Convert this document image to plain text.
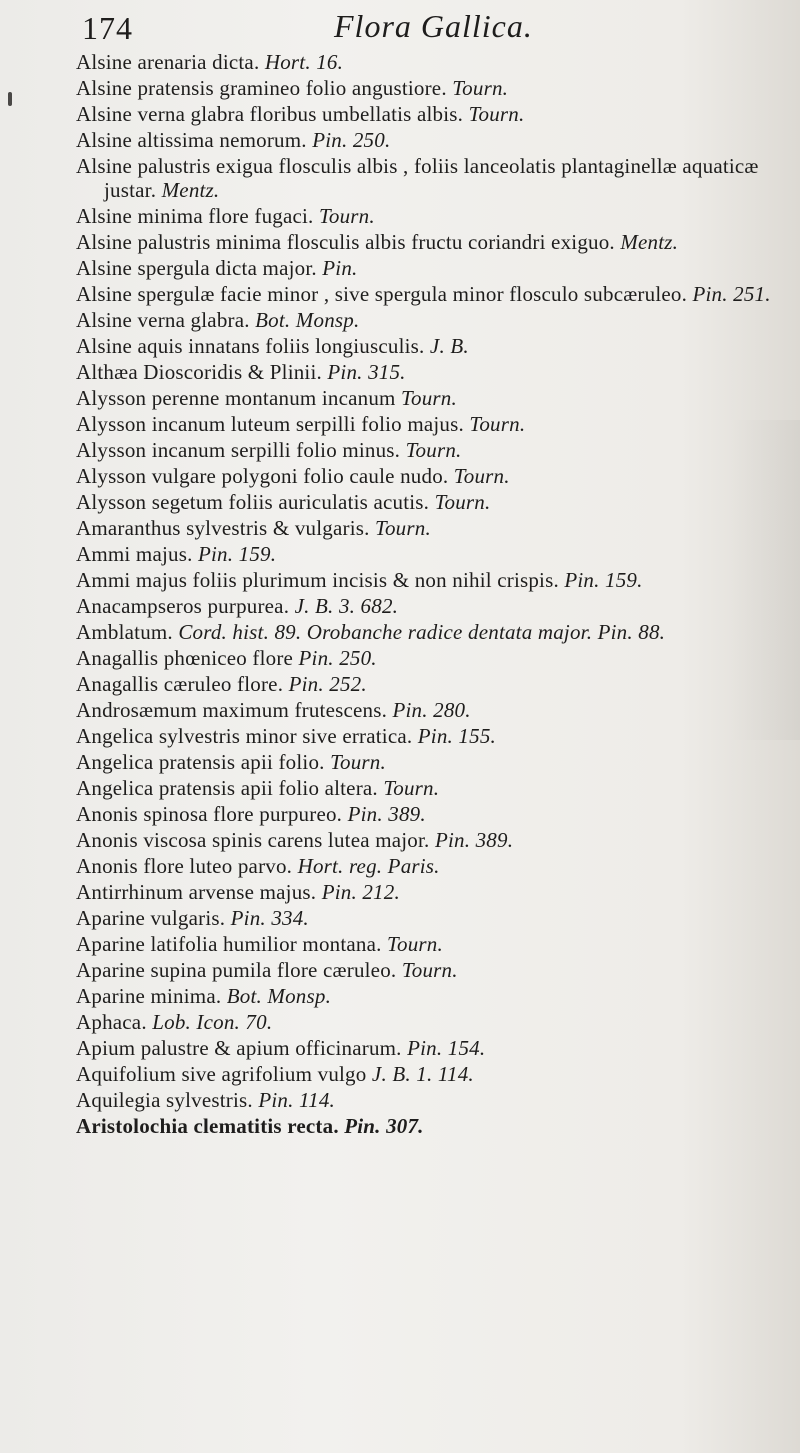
174	Flora Gallica.
Alsine arenaria dicta. Hort. 16.
Alsine pratensis gramineo folio angustiore. Tourn.
Alsine verna glabra floribus umbellatis albis. Tourn.
Alsine altissima nemorum. Pin. 250.
Alsine palustris exigua flosculis albis , foliis lanceolatis plantaginellæ aquaticæ justar. Mentz.
Alsine minima flore fugaci. Tourn.
Alsine palustris minima flosculis albis fructu coriandri exiguo. Mentz.
Alsine spergula dicta major. Pin.
Alsine spergulæ facie minor , sive spergula minor flosculo subcæruleo. Pin. 251.
Alsine verna glabra. Bot. Monsp.
Alsine aquis innatans foliis longiusculis. J. B.
Althæa Dioscoridis & Plinii. Pin. 315.
Alysson perenne montanum incanum Tourn.
Alysson incanum luteum serpilli folio majus. Tourn.
Alysson incanum serpilli folio minus. Tourn.
Alysson vulgare polygoni folio caule nudo. Tourn.
Alysson segetum foliis auriculatis acutis. Tourn.
Amaranthus sylvestris & vulgaris. Tourn.
Ammi majus. Pin. 159.
Ammi majus foliis plurimum incisis & non nihil crispis. Pin. 159.
Anacampseros purpurea. J. B. 3. 682.
Amblatum. Cord. hist. 89. Orobanche radice dentata major. Pin. 88.
Anagallis phœniceo flore Pin. 250.
Anagallis cæruleo flore. Pin. 252.
Androsæmum maximum frutescens. Pin. 280.
Angelica sylvestris minor sive erratica. Pin. 155.
Angelica pratensis apii folio. Tourn.
Angelica pratensis apii folio altera. Tourn.
Anonis spinosa flore purpureo. Pin. 389.
Anonis viscosa spinis carens lutea major. Pin. 389.
Anonis flore luteo parvo. Hort. reg. Paris.
Antirrhinum arvense majus. Pin. 212.
Aparine vulgaris. Pin. 334.
Aparine latifolia humilior montana. Tourn.
Aparine supina pumila flore cæruleo. Tourn.
Aparine minima. Bot. Monsp.
Aphaca. Lob. Icon. 70.
Apium palustre & apium officinarum. Pin. 154.
Aquifolium sive agrifolium vulgo J. B. 1. 114.
Aquilegia sylvestris. Pin. 114.
Aristolochia clematitis recta. Pin. 307.
